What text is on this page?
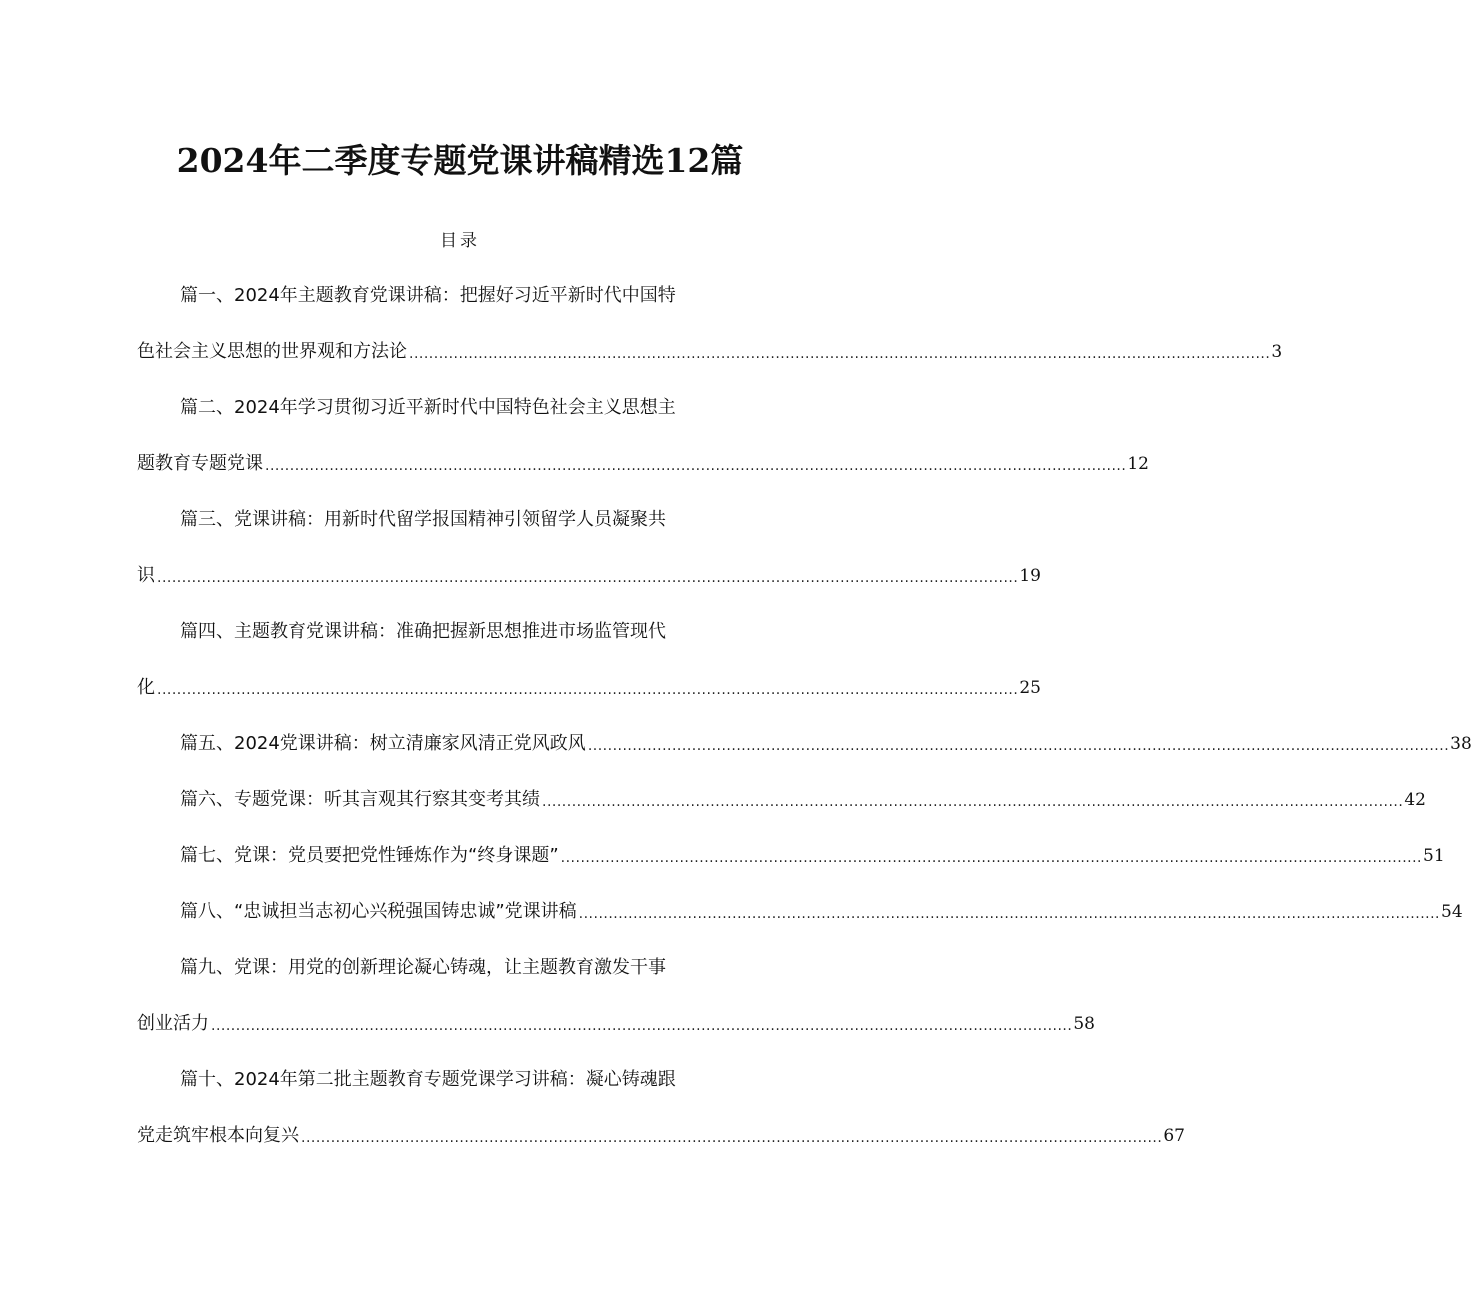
2024年二季度专题党课讲稿精选12篇
目录
篇一、2024年主题教育党课讲稿：把握好习近平新时代中国特
色社会主义思想的世界观和方法论 .............................................................................................................................................................................. 3
篇二、2024年学习贯彻习近平新时代中国特色社会主义思想主
题教育专题党课 .............................................................................................................................................................................. 12
篇三、党课讲稿：用新时代留学报国精神引领留学人员凝聚共
识 .............................................................................................................................................................................. 19
篇四、主题教育党课讲稿：准确把握新思想推进市场监管现代
化 .............................................................................................................................................................................. 25
篇五、2024党课讲稿：树立清廉家风清正党风政风 .............................................................................................................................................................................. 38
篇六、专题党课：听其言观其行察其变考其绩 .............................................................................................................................................................................. 42
篇七、党课：党员要把党性锤炼作为“终身课题” .............................................................................................................................................................................. 51
篇八、“忠诚担当志初心兴税强国铸忠诚”党课讲稿 .............................................................................................................................................................................. 54
篇九、党课：用党的创新理论凝心铸魂，让主题教育激发干事
创业活力 .............................................................................................................................................................................. 58
篇十、2024年第二批主题教育专题党课学习讲稿：凝心铸魂跟
党走筑牢根本向复兴 .............................................................................................................................................................................. 67
